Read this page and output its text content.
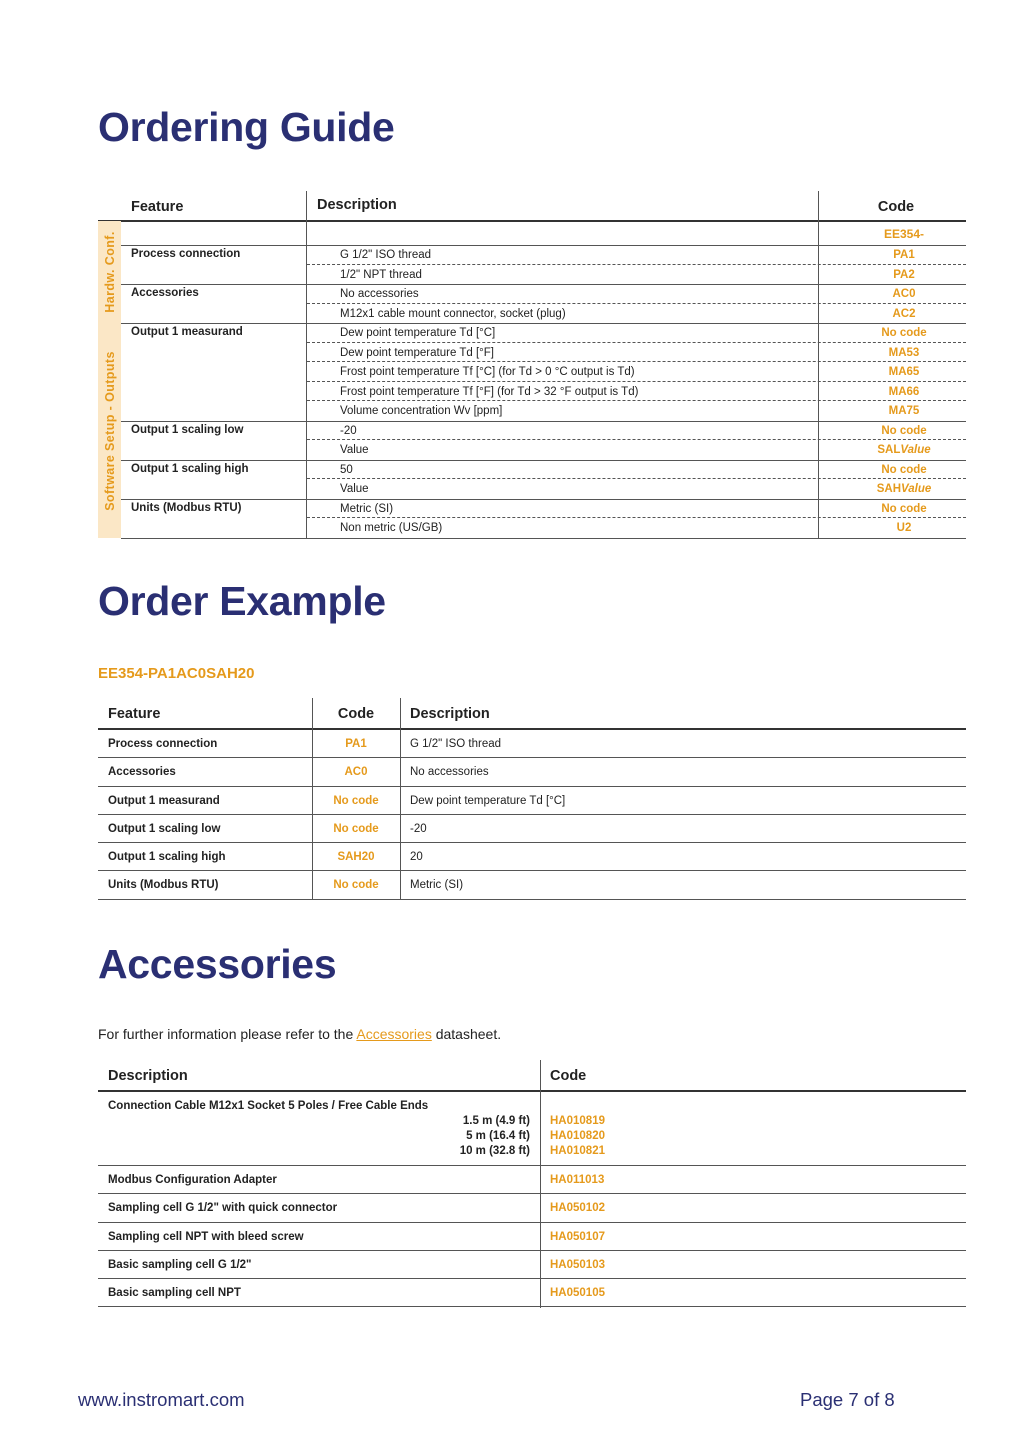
Ordering Guide
Feature	Description	Code
Hardw. Conf.
Software Setup - Outputs
EE354-
Process connection	G 1/2" ISO thread	PA1
1/2" NPT thread	PA2
Accessories	No accessories	AC0
M12x1 cable mount connector, socket (plug)	AC2
Output 1 measurand	Dew point temperature Td [°C]	No code
Dew point temperature Td [°F]	MA53
Frost point temperature Tf [°C] (for Td > 0 °C output is Td)	MA65
Frost point temperature Tf [°F] (for Td > 32 °F output is Td)	MA66
Volume concentration Wv [ppm]	MA75
Output 1 scaling low	-20	No code
Value	SALValue
Output 1 scaling high	50	No code
Value	SAHValue
Units (Modbus RTU)	Metric (SI)	No code
Non metric (US/GB)	U2
Order Example
EE354-PA1AC0SAH20
Feature	Code	Description
Process connection	PA1	G 1/2" ISO thread
Accessories	AC0	No accessories
Output 1 measurand	No code	Dew point temperature Td [°C]
Output 1 scaling low	No code	-20
Output 1 scaling high	SAH20	20
Units (Modbus RTU)	No code	Metric (SI)
Accessories
For further information please refer to the Accessories datasheet.
Description	Code
Connection Cable M12x1 Socket 5 Poles / Free Cable Ends
1.5 m (4.9 ft) HA010819
5 m (16.4 ft) HA010820
10 m (32.8 ft) HA010821
Modbus Configuration Adapter	HA011013
Sampling cell G 1/2" with quick connector	HA050102
Sampling cell NPT with bleed screw	HA050107
Basic sampling cell G 1/2"	HA050103
Basic sampling cell NPT	HA050105
www.instromart.com	Page 7 of 8
